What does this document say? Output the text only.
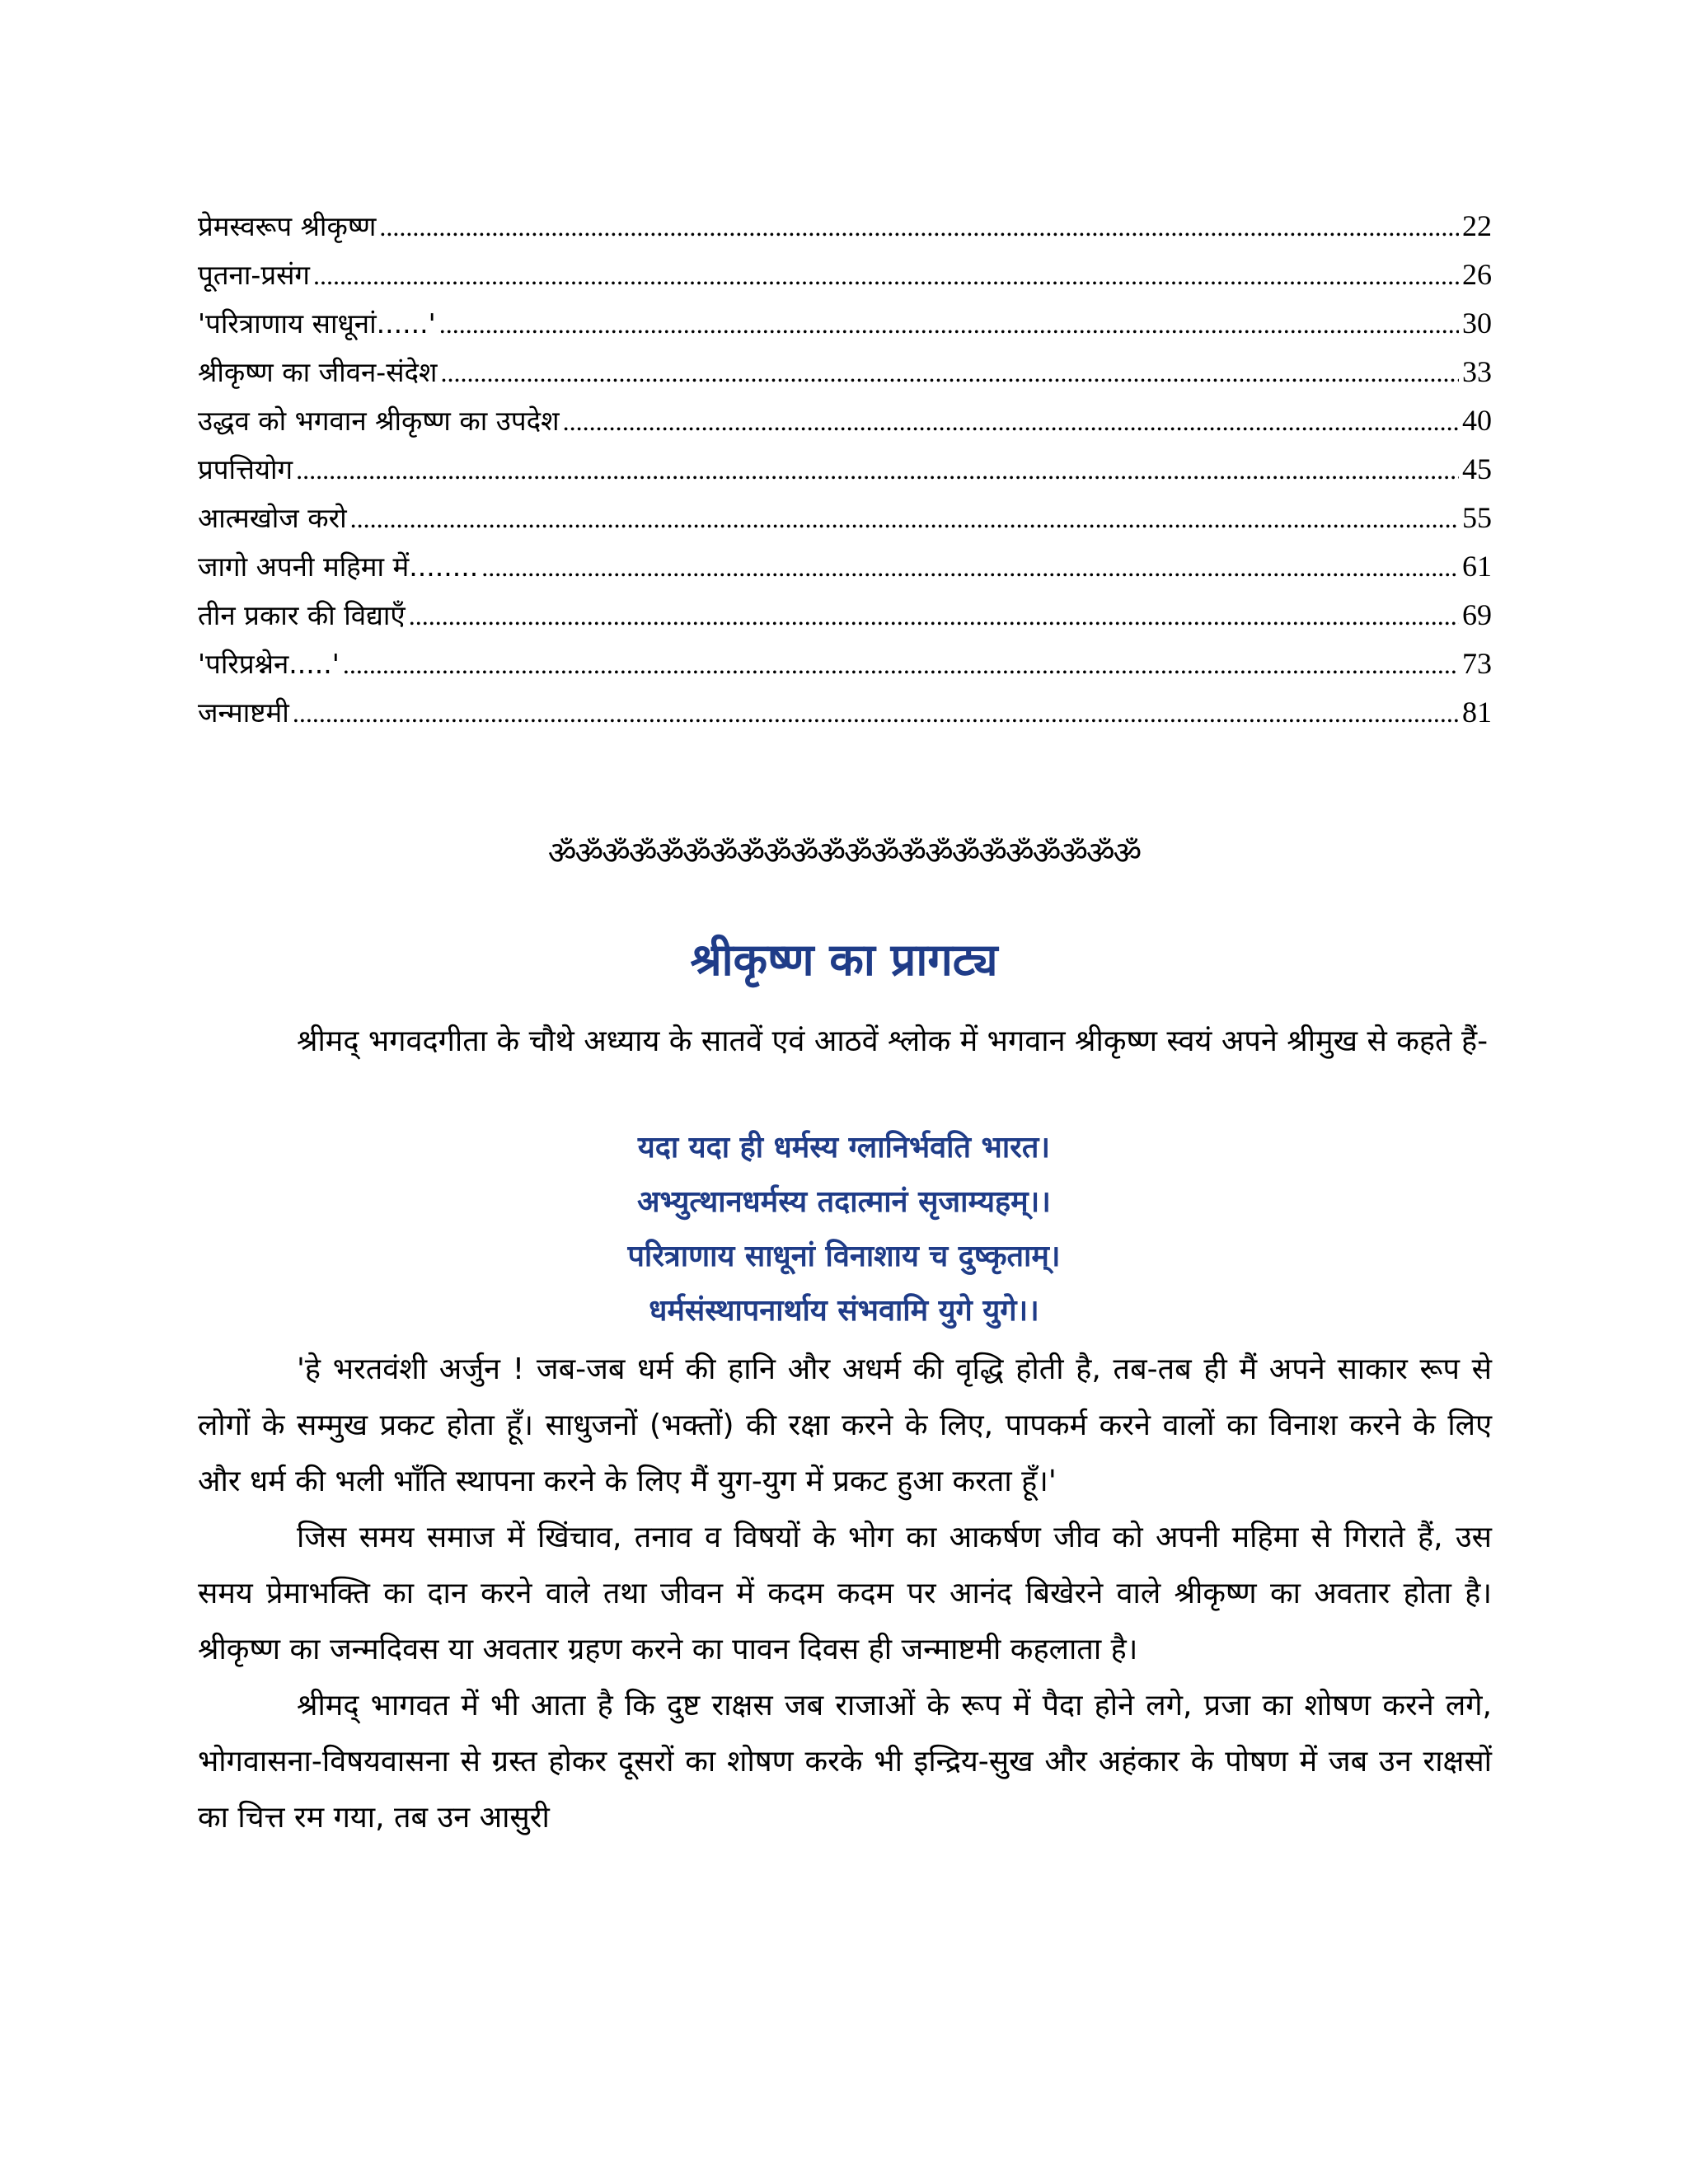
प्रेमस्वरूप श्रीकृष्ण .....	22
पूतना-प्रसंग .....	26
'परित्राणाय साधूनां......' .....	30
श्रीकृष्ण का जीवन-संदेश .....	33
उद्धव को भगवान श्रीकृष्ण का उपदेश .....	40
प्रपत्तियोग .....	45
आत्मखोज करो .....	55
जागो अपनी महिमा में........ .....	61
तीन प्रकार की विद्याएँ .....	69
'परिप्रश्नेन.....' .....	73
जन्माष्टमी .....	81
ॐॐॐॐॐॐॐॐॐॐॐॐॐॐॐॐॐॐॐॐॐॐ
श्रीकृष्ण का प्रागट्य

श्रीमद् भगवदगीता के चौथे अध्याय के सातवें एवं आठवें श्लोक में भगवान श्रीकृष्ण स्वयं अपने श्रीमुख से कहते हैं-

यदा यदा ही धर्मस्य ग्लानिर्भवति भारत।
अभ्युत्थानधर्मस्य तदात्मानं सृजाम्यहम्।।
परित्राणाय साधूनां विनाशाय च दुष्कृताम्।
धर्मसंस्थापनार्थाय संभवामि युगे युगे।।

'हे भरतवंशी अर्जुन ! जब-जब धर्म की हानि और अधर्म की वृद्धि होती है, तब-तब ही मैं अपने साकार रूप से लोगों के सम्मुख प्रकट होता हूँ। साधुजनों (भक्तों) की रक्षा करने के लिए, पापकर्म करने वालों का विनाश करने के लिए और धर्म की भली भाँति स्थापना करने के लिए मैं युग-युग में प्रकट हुआ करता हूँ।'

जिस समय समाज में खिंचाव, तनाव व विषयों के भोग का आकर्षण जीव को अपनी महिमा से गिराते हैं, उस समय प्रेमाभक्ति का दान करने वाले तथा जीवन में कदम कदम पर आनंद बिखेरने वाले श्रीकृष्ण का अवतार होता है। श्रीकृष्ण का जन्मदिवस या अवतार ग्रहण करने का पावन दिवस ही जन्माष्टमी कहलाता है।

श्रीमद् भागवत में भी आता है कि दुष्ट राक्षस जब राजाओं के रूप में पैदा होने लगे, प्रजा का शोषण करने लगे, भोगवासना-विषयवासना से ग्रस्त होकर दूसरों का शोषण करके भी इन्द्रिय-सुख और अहंकार के पोषण में जब उन राक्षसों का चित्त रम गया, तब उन आसुरी
